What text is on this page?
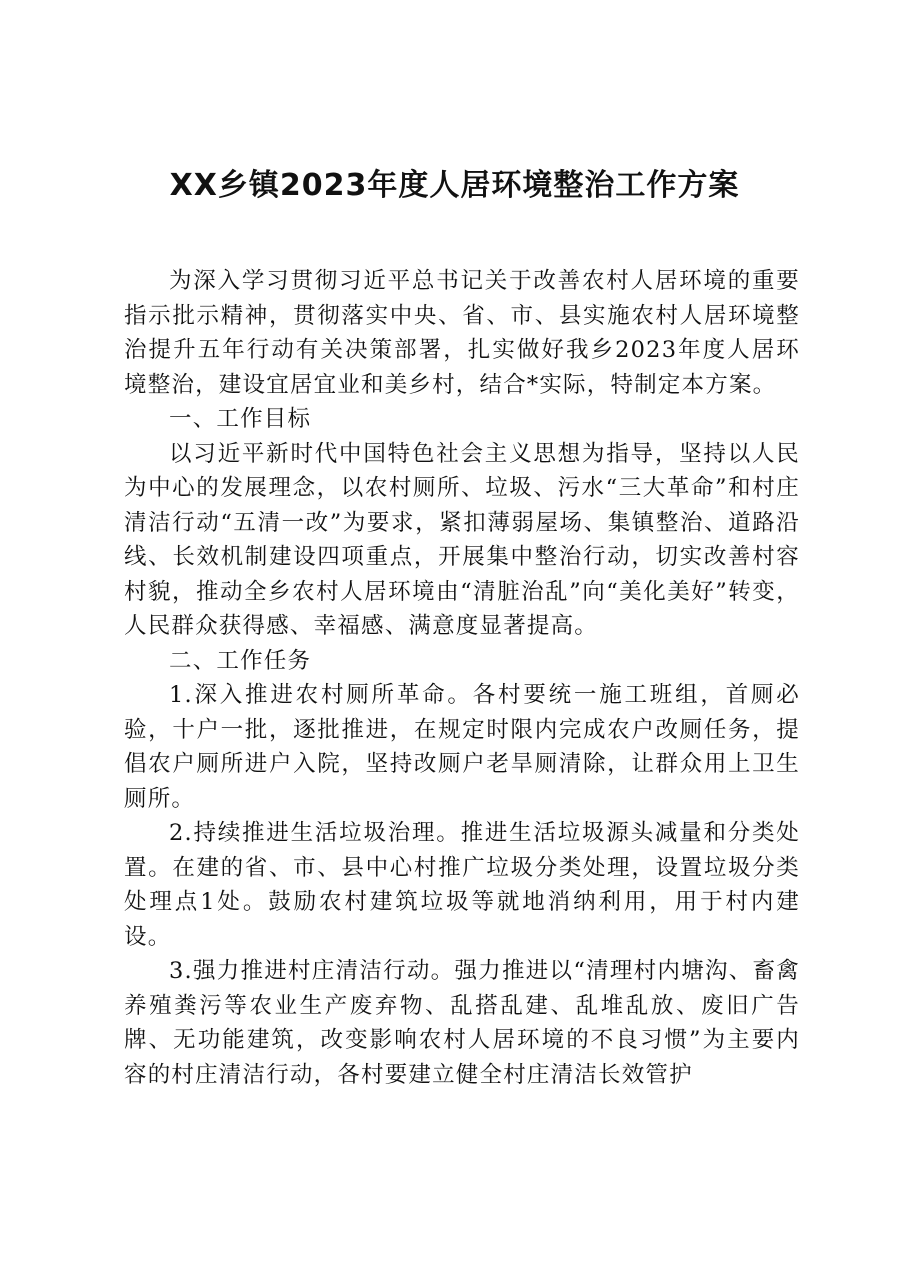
XX乡镇2023年度人居环境整治工作方案

为深入学习贯彻习近平总书记关于改善农村人居环境的重要指示批示精神，贯彻落实中央、省、市、县实施农村人居环境整治提升五年行动有关决策部署，扎实做好我乡2023年度人居环境整治，建设宜居宜业和美乡村，结合*实际，特制定本方案。

一、工作目标

以习近平新时代中国特色社会主义思想为指导，坚持以人民为中心的发展理念，以农村厕所、垃圾、污水“三大革命”和村庄清洁行动“五清一改”为要求，紧扣薄弱屋场、集镇整治、道路沿线、长效机制建设四项重点，开展集中整治行动，切实改善村容村貌，推动全乡农村人居环境由“清脏治乱”向“美化美好”转变，人民群众获得感、幸福感、满意度显著提高。

二、工作任务

1.深入推进农村厕所革命。各村要统一施工班组，首厕必验，十户一批，逐批推进，在规定时限内完成农户改厕任务，提倡农户厕所进户入院，坚持改厕户老旱厕清除，让群众用上卫生厕所。

2.持续推进生活垃圾治理。推进生活垃圾源头减量和分类处置。在建的省、市、县中心村推广垃圾分类处理，设置垃圾分类处理点1处。鼓励农村建筑垃圾等就地消纳利用，用于村内建设。

3.强力推进村庄清洁行动。强力推进以“清理村内塘沟、畜禽养殖粪污等农业生产废弃物、乱搭乱建、乱堆乱放、废旧广告牌、无功能建筑，改变影响农村人居环境的不良习惯”为主要内容的村庄清洁行动，各村要建立健全村庄清洁长效管护
